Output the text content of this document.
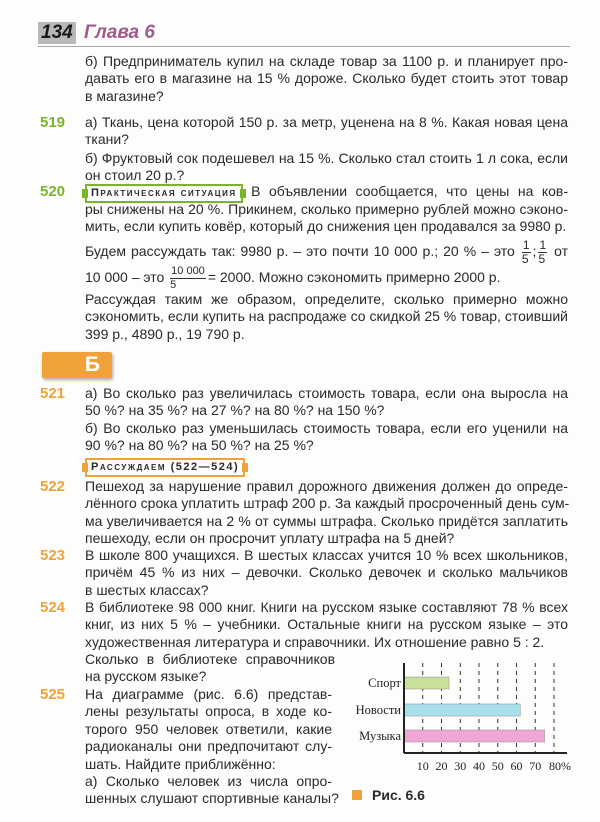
134 Глава 6
б) Предприниматель купил на складе товар за 1100 р. и планирует про-
давать его в магазине на 15 % дороже. Сколько будет стоить этот товар
в магазине?
519 а) Ткань, цена которой 150 р. за метр, уценена на 8 %. Какая новая цена
ткани?
б) Фруктовый сок подешевел на 15 %. Сколько стал стоить 1 л сока, если
он стоил 20 р.?
520 Практическая ситуация В объявлении сообщается, что цены на ков-
ры снижены на 20 %. Прикинем, сколько примерно рублей можно сэконо-
мить, если купить ковёр, который до снижения цен продавался за 9980 р.
Будем рассуждать так: 9980 р. – это почти 10 000 р.; 20 % – это $\frac{1}{5}$ ; $\frac{1}{5}$ от
10 000 – это $\frac{10 000}{5} = 2000$. Можно сэкономить примерно 2000 р.
Рассуждая таким же образом, определите, сколько примерно можно
сэкономить, если купить на распродаже со скидкой 25 % товар, стоивший
399 р., 4890 р., 19 790 р.
Б
521 а) Во сколько раз увеличилась стоимость товара, если она выросла на
50 %? на 35 %? на 27 %? на 80 %? на 150 %?
б) Во сколько раз уменьшилась стоимость товара, если его уценили на
90 %? на 80 %? на 50 %? на 25 %?
Рассуждаем (522—524)
522 Пешеход за нарушение правил дорожного движения должен до опреде-
лённого срока уплатить штраф 200 р. За каждый просроченный день сум-
ма увеличивается на 2 % от суммы штрафа. Сколько придётся заплатить
пешеходу, если он просрочит уплату штрафа на 5 дней?
523 В школе 800 учащихся. В шестых классах учится 10 % всех школьников,
причём 45 % из них – девочки. Сколько девочек и сколько мальчиков
в шестых классах?
524 В библиотеке 98 000 книг. Книги на русском языке составляют 78 % всех
книг, из них 5 % – учебники. Остальные книги на русском языке – это
художественная литература и справочники. Их отношение равно 5 : 2.
Сколько в библиотеке справочников
на русском языке?
525 На диаграмме (рис. 6.6) представ-
лены результаты опроса, в ходе ко-
торого 950 человек ответили, какие
радиоканалы они предпочитают слу-
шать. Найдите приближённо:
а) Сколько человек из числа опро-
шенных слушают спортивные каналы?
10 20 30 40 50 60 70 80%
Спорт
Новости
Музыка
Рис. 6.6
